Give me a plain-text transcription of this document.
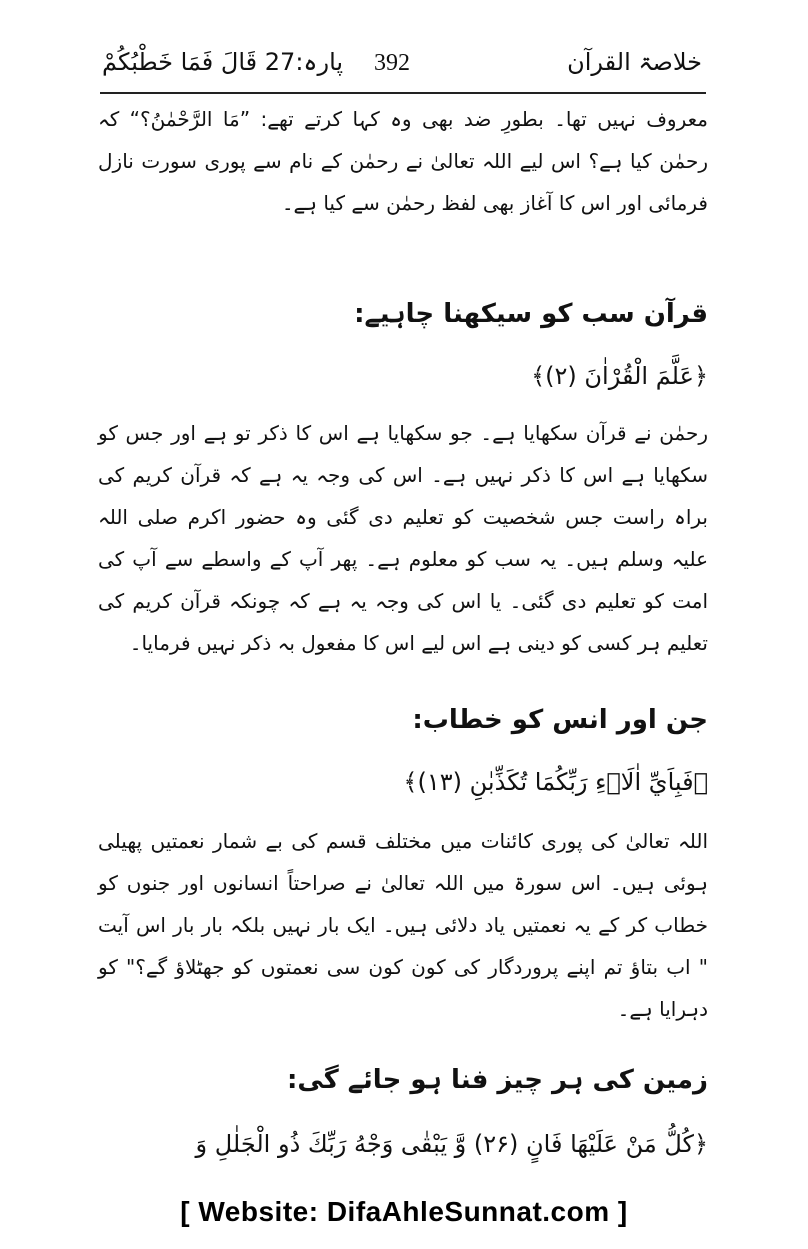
پارہ:27 قَالَ فَمَا خَطْبُكُمْ	392	خلاصۃ القرآن
معروف نہیں تھا۔ بطورِ ضد بھی وہ کہا کرتے تھے: ”مَا الرَّحْمٰنُ؟“ کہ رحمٰن کیا ہے؟ اس لیے اللہ تعالیٰ نے رحمٰن کے نام سے پوری سورت نازل فرمائی اور اس کا آغاز بھی لفظ رحمٰن سے کیا ہے۔
قرآن سب کو سیکھنا چاہیے:
﴿عَلَّمَ الْقُرْاٰنَ (۲)﴾
رحمٰن نے قرآن سکھایا ہے۔ جو سکھایا ہے اس کا ذکر تو ہے اور جس کو سکھایا ہے اس کا ذکر نہیں ہے۔ اس کی وجہ یہ ہے کہ قرآن کریم کی براہ راست جس شخصیت کو تعلیم دی گئی وہ حضور اکرم صلی اللہ علیہ وسلم ہیں۔ یہ سب کو معلوم ہے۔ پھر آپ کے واسطے سے آپ کی امت کو تعلیم دی گئی۔ یا اس کی وجہ یہ ہے کہ چونکہ قرآن کریم کی تعلیم ہر کسی کو دینی ہے اس لیے اس کا مفعول بہ ذکر نہیں فرمایا۔
جن اور انس کو خطاب:
﴿فَبِاَيِّ اٰلَاۤءِ رَبِّكُمَا تُكَذِّبٰنِ (۱۳)﴾
اللہ تعالیٰ کی پوری کائنات میں مختلف قسم کی بے شمار نعمتیں پھیلی ہوئی ہیں۔ اس سورۃ میں اللہ تعالیٰ نے صراحتاً انسانوں اور جنوں کو خطاب کر کے یہ نعمتیں یاد دلائی ہیں۔ ایک بار نہیں بلکہ بار بار اس آیت " اب بتاؤ تم اپنے پروردگار کی کون کون سی نعمتوں کو جھٹلاؤ گے؟" کو دہرایا ہے۔
زمین کی ہر چیز فنا ہو جائے گی:
﴿كُلُّ مَنْ عَلَيْهَا فَانٍ (۲۶) وَّ يَبْقٰى وَجْهُ رَبِّكَ ذُو الْجَلٰلِ وَ
[ Website: DifaAhleSunnat.com ]
